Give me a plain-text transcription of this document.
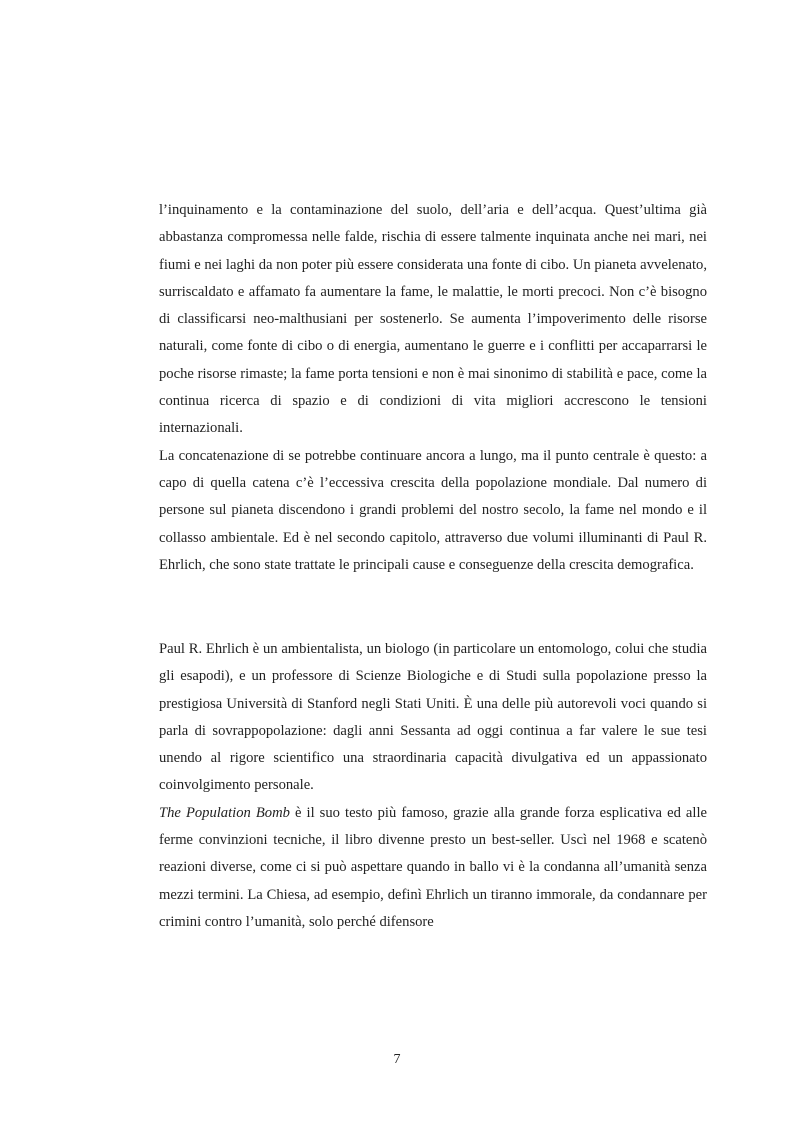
l’inquinamento e la contaminazione del suolo, dell’aria e dell’acqua. Quest’ultima già abbastanza compromessa nelle falde, rischia di essere talmente inquinata anche nei mari, nei fiumi e nei laghi da non poter più essere considerata una fonte di cibo. Un pianeta avvelenato, surriscaldato e affamato fa aumentare la fame, le malattie, le morti precoci. Non c’è bisogno di classificarsi neo-malthusiani per sostenerlo. Se aumenta l’impoverimento delle risorse naturali, come fonte di cibo o di energia, aumentano le guerre e i conflitti per accaparrarsi le poche risorse rimaste; la fame porta tensioni e non è mai sinonimo di stabilità e pace, come la continua ricerca di spazio e di condizioni di vita migliori accrescono le tensioni internazionali.

La concatenazione di se potrebbe continuare ancora a lungo, ma il punto centrale è questo: a capo di quella catena c’è l’eccessiva crescita della popolazione mondiale. Dal numero di persone sul pianeta discendono i grandi problemi del nostro secolo, la fame nel mondo e il collasso ambientale. Ed è nel secondo capitolo, attraverso due volumi illuminanti di Paul R. Ehrlich, che sono state trattate le principali cause e conseguenze della crescita demografica.

Paul R. Ehrlich è un ambientalista, un biologo (in particolare un entomologo, colui che studia gli esapodi), e un professore di Scienze Biologiche e di Studi sulla popolazione presso la prestigiosa Università di Stanford negli Stati Uniti. È una delle più autorevoli voci quando si parla di sovrappopolazione: dagli anni Sessanta ad oggi continua a far valere le sue tesi unendo al rigore scientifico una straordinaria capacità divulgativa ed un appassionato coinvolgimento personale.

The Population Bomb è il suo testo più famoso, grazie alla grande forza esplicativa ed alle ferme convinzioni tecniche, il libro divenne presto un best-seller. Uscì nel 1968 e scatenò reazioni diverse, come ci si può aspettare quando in ballo vi è la condanna all’umanità senza mezzi termini. La Chiesa, ad esempio, definì Ehrlich un tiranno immorale, da condannare per crimini contro l’umanità, solo perché difensore

7
